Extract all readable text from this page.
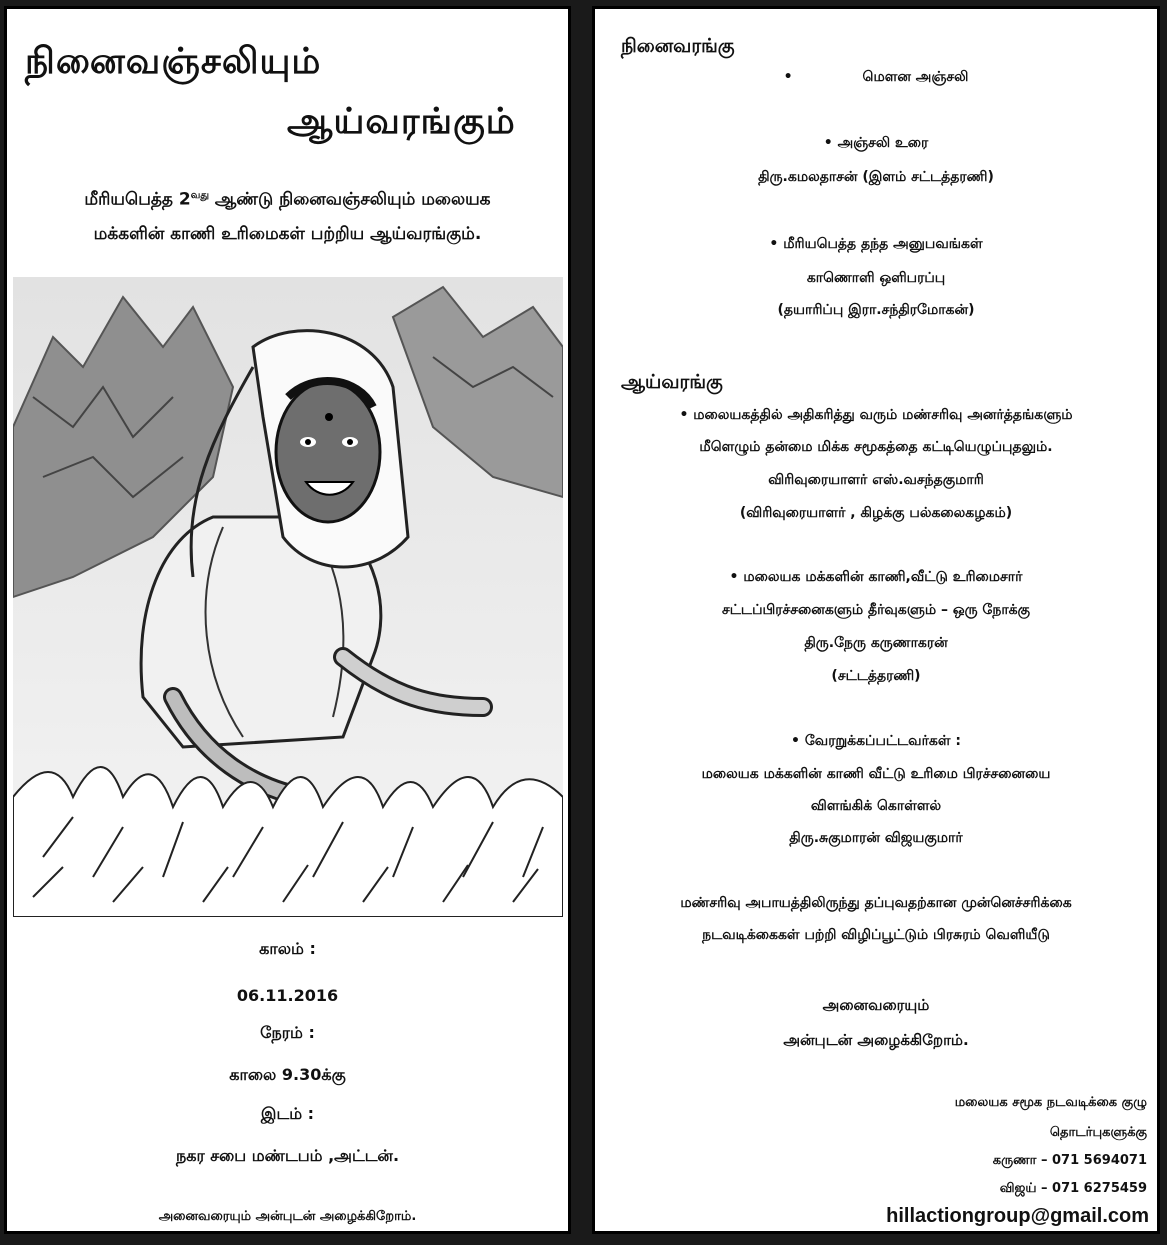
நினைவஞ்சலியும்
ஆய்வரங்கும்
மீரியபெத்த $2^{வது}$ ஆண்டு நினைவஞ்சலியும் மலையக
மக்களின் காணி உரிமைகள் பற்றிய ஆய்வரங்கும்.
காலம் :
06.11.2016
நேரம் :
காலை 9.30க்கு
இடம் :
நகர சபை மண்டபம் ,அட்டன்.
அனைவரையும் அன்புடன் அழைக்கிறோம்.
நினைவரங்கு
•	மௌன அஞ்சலி
• அஞ்சலி உரை
திரு.கமலதாசன் (இளம் சட்டத்தரணி)
• மீரியபெத்த தந்த அனுபவங்கள்
காணொளி ஒளிபரப்பு
(தயாரிப்பு இரா.சந்திரமோகன்)
ஆய்வரங்கு
• மலையகத்தில் அதிகரித்து வரும் மண்சரிவு அனர்த்தங்களும்
மீளெழும் தன்மை மிக்க சமூகத்தை கட்டியெழுப்புதலும்.
விரிவுரையாளர் எஸ்.வசந்தகுமாரி
(விரிவுரையாளர் , கிழக்கு பல்கலைகழகம்)
• மலையக மக்களின் காணி,வீட்டு உரிமைசார்
சட்டப்பிரச்சனைகளும் தீர்வுகளும் – ஒரு நோக்கு
திரு.நேரு கருணாகரன்
(சட்டத்தரணி)
• வேரறுக்கப்பட்டவர்கள் :
மலையக மக்களின் காணி வீட்டு உரிமை பிரச்சனையை
விளங்கிக் கொள்ளல்
திரு.சுகுமாரன் விஜயகுமார்
மண்சரிவு அபாயத்திலிருந்து தப்புவதற்கான முன்னெச்சரிக்கை
நடவடிக்கைகள் பற்றி விழிப்பூட்டும் பிரசுரம் வெளியீடு
அனைவரையும்
அன்புடன் அழைக்கிறோம்.
மலையக சமூக நடவடிக்கை குழு
தொடர்புகளுக்கு
கருணா – 071 5694071
விஜய் – 071 6275459
hillactiongroup@gmail.com
